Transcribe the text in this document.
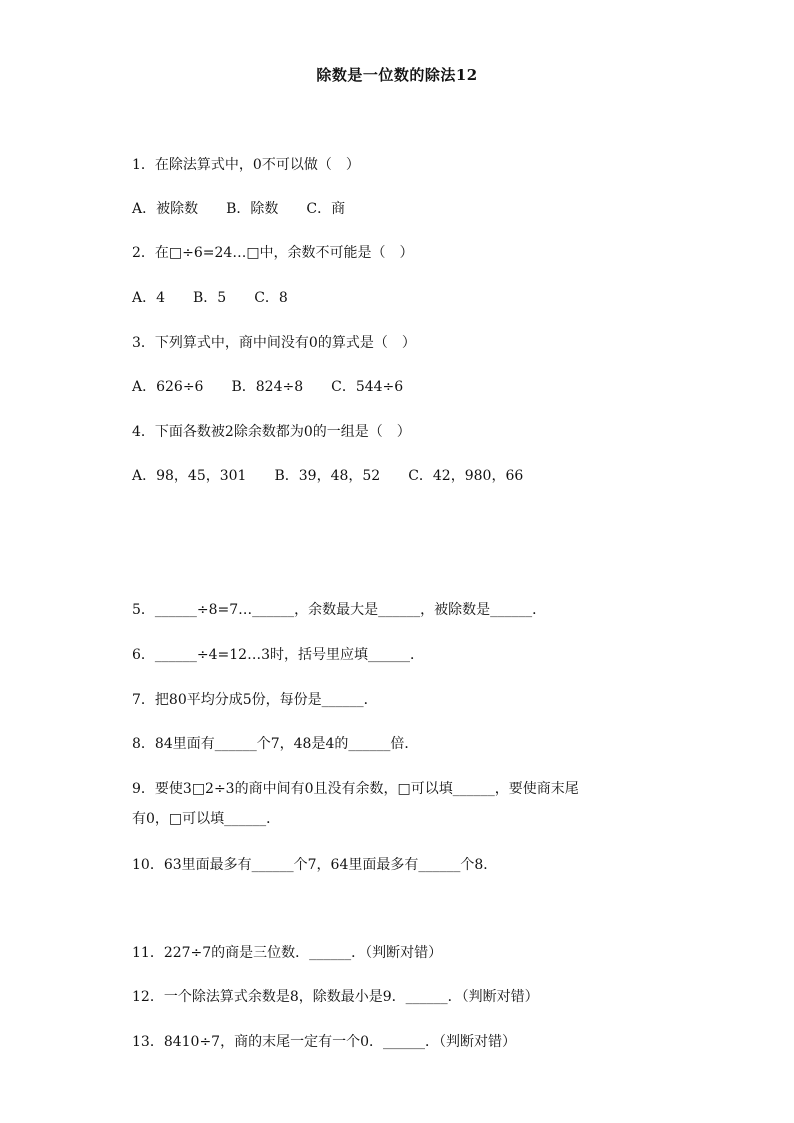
除数是一位数的除法12
1．在除法算式中，0不可以做（　）
A．被除数　　B．除数　　C．商
2．在□÷6=24…□中，余数不可能是（　）
A．4　　B．5　　C．8
3．下列算式中，商中间没有0的算式是（　）
A．626÷6　　B．824÷8　　C．544÷6
4．下面各数被2除余数都为0的一组是（　）
A．98，45，301　　B．39，48，52　　C．42，980，66
5．______÷8=7…______，余数最大是______，被除数是______．
6．______÷4=12…3时，括号里应填______．
7．把80平均分成5份，每份是______．
8．84里面有______个7，48是4的______倍．
9．要使3□2÷3的商中间有0且没有余数，□可以填______，要使商末尾
有0，□可以填______．
10．63里面最多有______个7，64里面最多有______个8．
11．227÷7的商是三位数．______．（判断对错）
12．一个除法算式余数是8，除数最小是9．______．（判断对错）
13．8410÷7，商的末尾一定有一个0．______．（判断对错）
